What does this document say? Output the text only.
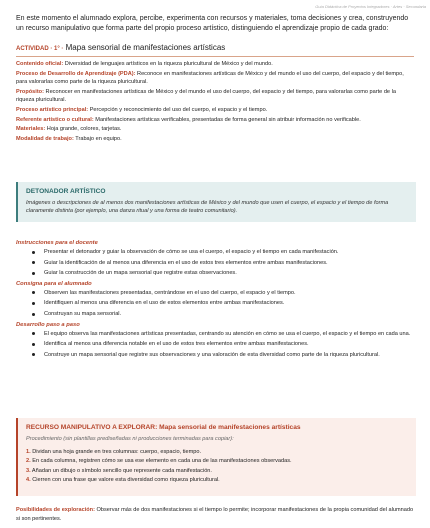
Guía Didáctica de Proyectos Integradores · Artes · Secundaria
En este momento el alumnado explora, percibe, experimenta con recursos y materiales, toma decisiones y crea, construyendo un recurso manipulativo que forma parte del propio proceso artístico, distinguiendo el aprendizaje propio de cada grado:
ACTIVIDAD · 1° · Mapa sensorial de manifestaciones artísticas
Contenido oficial: Diversidad de lenguajes artísticos en la riqueza pluricultural de México y del mundo.
Proceso de Desarrollo de Aprendizaje (PDA): Reconoce en manifestaciones artísticas de México y del mundo el uso del cuerpo, del espacio y del tiempo, para valorarlas como parte de la riqueza pluricultural.
Propósito: Reconocer en manifestaciones artísticas de México y del mundo el uso del cuerpo, del espacio y del tiempo, para valorarlas como parte de la riqueza pluricultural.
Proceso artístico principal: Percepción y reconocimiento del uso del cuerpo, el espacio y el tiempo.
Referente artístico o cultural: Manifestaciones artísticas verificables, presentadas de forma general sin atribuir información no verificable.
Materiales: Hoja grande, colores, tarjetas.
Modalidad de trabajo: Trabajo en equipo.
DETONADOR ARTÍSTICO
Imágenes o descripciones de al menos dos manifestaciones artísticas de México y del mundo que usen el cuerpo, el espacio y el tiempo de forma claramente distinta (por ejemplo, una danza ritual y una forma de teatro comunitario).
Instrucciones para el docente
Presentar el detonador y guiar la observación de cómo se usa el cuerpo, el espacio y el tiempo en cada manifestación.
Guiar la identificación de al menos una diferencia en el uso de estos tres elementos entre ambas manifestaciones.
Guiar la construcción de un mapa sensorial que registre estas observaciones.
Consigna para el alumnado
Observen las manifestaciones presentadas, centrándose en el uso del cuerpo, el espacio y el tiempo.
Identifiquen al menos una diferencia en el uso de estos elementos entre ambas manifestaciones.
Construyan su mapa sensorial.
Desarrollo paso a paso
El equipo observa las manifestaciones artísticas presentadas, centrando su atención en cómo se usa el cuerpo, el espacio y el tiempo en cada una.
Identifica al menos una diferencia notable en el uso de estos tres elementos entre ambas manifestaciones.
Construye un mapa sensorial que registre sus observaciones y una valoración de esta diversidad como parte de la riqueza pluricultural.
RECURSO MANIPULATIVO A EXPLORAR: Mapa sensorial de manifestaciones artísticas
Procedimiento (sin plantillas prediseñadas ni producciones terminadas para copiar):
1. Dividan una hoja grande en tres columnas: cuerpo, espacio, tiempo.
2. En cada columna, registren cómo se usa ese elemento en cada una de las manifestaciones observadas.
3. Añadan un dibujo o símbolo sencillo que represente cada manifestación.
4. Cierren con una frase que valore esta diversidad como riqueza pluricultural.
Posibilidades de exploración: Observar más de dos manifestaciones si el tiempo lo permite; incorporar manifestaciones de la propia comunidad del alumnado si son pertinentes.
